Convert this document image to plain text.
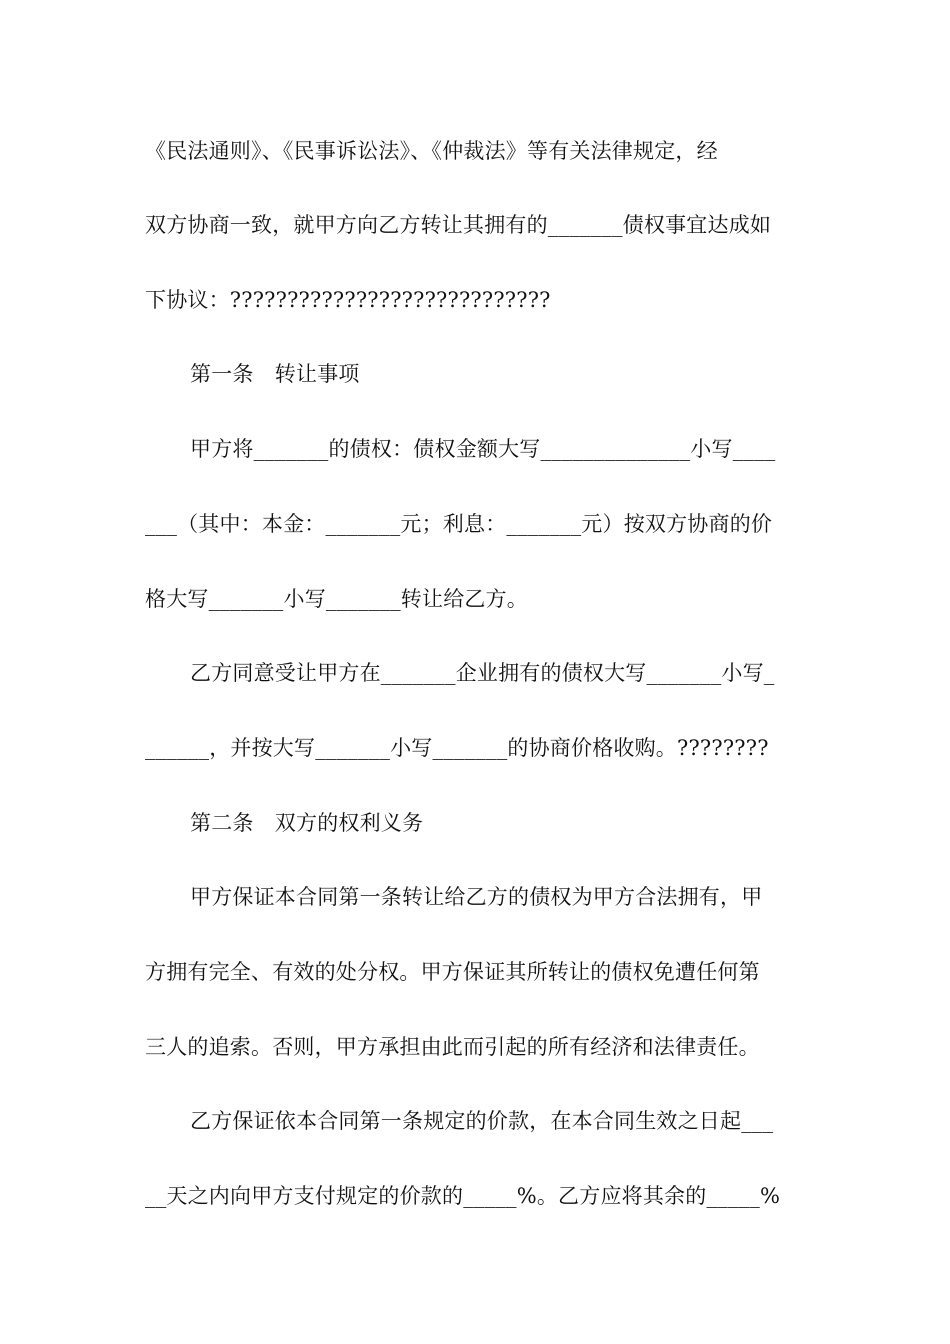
《民法通则》、《民事诉讼法》、《仲裁法》等有关法律规定，经
双方协商一致，就甲方向乙方转让其拥有的_______债权事宜达成如
下协议：????????????????????????????
第一条　转让事项
甲方将_______的债权：债权金额大写______________小写____
___（其中：本金：_______元；利息：_______元）按双方协商的价
格大写_______小写_______转让给乙方。
乙方同意受让甲方在_______企业拥有的债权大写_______小写_
______，并按大写_______小写_______的协商价格收购。????????
第二条　双方的权利义务
甲方保证本合同第一条转让给乙方的债权为甲方合法拥有，甲
方拥有完全、有效的处分权。甲方保证其所转让的债权免遭任何第
三人的追索。否则，甲方承担由此而引起的所有经济和法律责任。
乙方保证依本合同第一条规定的价款，在本合同生效之日起___
__天之内向甲方支付规定的价款的_____%。乙方应将其余的_____%
